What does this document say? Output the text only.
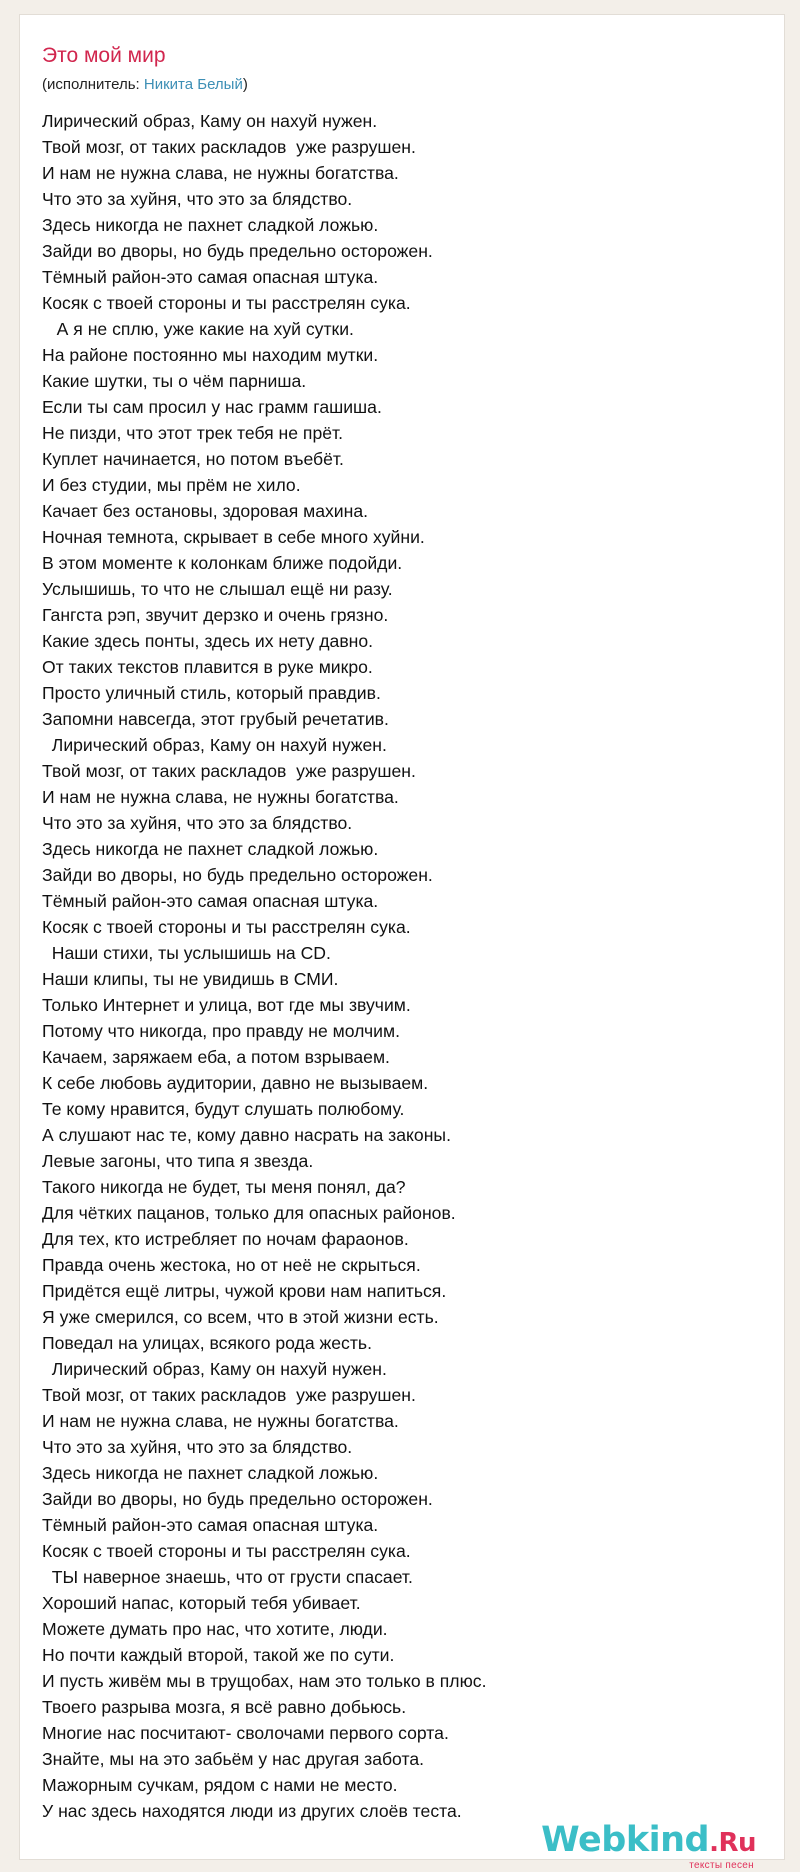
Это мой мир
(исполнитель: Никита Белый)
Лирический образ, Каму он нахуй нужен.
Твой мозг, от таких раскладов  уже разрушен.
И нам не нужна слава, не нужны богатства.
Что это за хуйня, что это за блядство.
Здесь никогда не пахнет сладкой ложью.
Зайди во дворы, но будь предельно осторожен.
Тёмный район-это самая опасная штука.
Косяк с твоей стороны и ты расстрелян сука.
А я не сплю, уже какие на хуй сутки.
На районе постоянно мы находим мутки.
Какие шутки, ты о чём парниша.
Если ты сам просил у нас грамм гашиша.
Не пизди, что этот трек тебя не прёт.
Куплет начинается, но потом въебёт.
И без студии, мы прём не хило.
Качает без остановы, здоровая махина.
Ночная темнота, скрывает в себе много хуйни.
В этом моменте к колонкам ближе подойди.
Услышишь, то что не слышал ещё ни разу.
Гангста рэп, звучит дерзко и очень грязно.
Какие здесь понты, здесь их нету давно.
От таких текстов плавится в руке микро.
Просто уличный стиль, который правдив.
Запомни навсегда, этот грубый речетатив.
Лирический образ, Каму он нахуй нужен.
Твой мозг, от таких раскладов  уже разрушен.
И нам не нужна слава, не нужны богатства.
Что это за хуйня, что это за блядство.
Здесь никогда не пахнет сладкой ложью.
Зайди во дворы, но будь предельно осторожен.
Тёмный район-это самая опасная штука.
Косяк с твоей стороны и ты расстрелян сука.
Наши стихи, ты услышишь на CD.
Наши клипы, ты не увидишь в СМИ.
Только Интернет и улица, вот где мы звучим.
Потому что никогда, про правду не молчим.
Качаем, заряжаем еба, а потом взрываем.
К себе любовь аудитории, давно не вызываем.
Те кому нравится, будут слушать полюбому.
А слушают нас те, кому давно насрать на законы.
Левые загоны, что типа я звезда.
Такого никогда не будет, ты меня понял, да?
Для чётких пацанов, только для опасных районов.
Для тех, кто истребляет по ночам фараонов.
Правда очень жестока, но от неё не скрыться.
Придётся ещё литры, чужой крови нам напиться.
Я уже смерился, со всем, что в этой жизни есть.
Поведал на улицах, всякого рода жесть.
Лирический образ, Каму он нахуй нужен.
Твой мозг, от таких раскладов  уже разрушен.
И нам не нужна слава, не нужны богатства.
Что это за хуйня, что это за блядство.
Здесь никогда не пахнет сладкой ложью.
Зайди во дворы, но будь предельно осторожен.
Тёмный район-это самая опасная штука.
Косяк с твоей стороны и ты расстрелян сука.
ТЫ наверное знаешь, что от грусти спасает.
Хороший напас, который тебя убивает.
Можете думать про нас, что хотите, люди.
Но почти каждый второй, такой же по сути.
И пусть живём мы в трущобах, нам это только в плюс.
Твоего разрыва мозга, я всё равно добьюсь.
Многие нас посчитают- сволочами первого сорта.
Знайте, мы на это забьём у нас другая забота.
Мажорным сучкам, рядом с нами не место.
У нас здесь находятся люди из других слоёв теста.
Webkind.Ru
тексты песен
